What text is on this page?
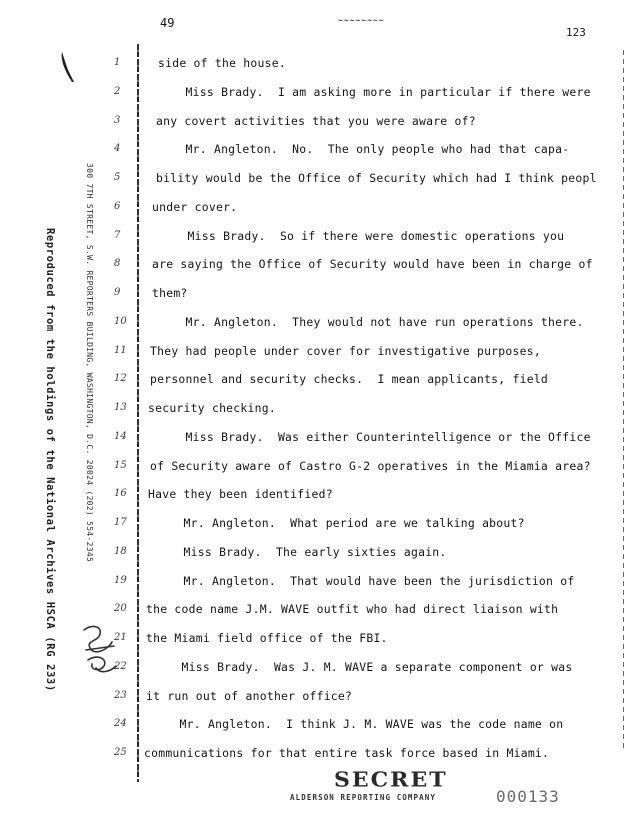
49	~~~~~~~~
123
Reproduced from the holdings of the National Archives HSCA (RG 233)	300 7TH STREET, S.W. REPORTERS BUILDING, WASHINGTON, D.C. 20024 (202) 554-2345
1	side of the house.
2	Miss Brady.  I am asking more in particular if there were
3	any covert activities that you were aware of?
4	Mr. Angleton.  No.  The only people who had that capa-
5	bility would be the Office of Security which had I think peopl
6	under cover.
7	Miss Brady.  So if there were domestic operations you
8	are saying the Office of Security would have been in charge of
9	them?
10	Mr. Angleton.  They would not have run operations there.
11	They had people under cover for investigative purposes,
12	personnel and security checks.  I mean applicants, field
13	security checking.
14	Miss Brady.  Was either Counterintelligence or the Office
15	of Security aware of Castro G-2 operatives in the Miamia area?
16	Have they been identified?
17	Mr. Angleton.  What period are we talking about?
18	Miss Brady.  The early sixties again.
19	Mr. Angleton.  That would have been the jurisdiction of
20	the code name J.M. WAVE outfit who had direct liaison with
21	the Miami field office of the FBI.
22	Miss Brady.  Was J. M. WAVE a separate component or was
23	it run out of another office?
24	Mr. Angleton.  I think J. M. WAVE was the code name on
25	communications for that entire task force based in Miami.
SECRET
ALDERSON REPORTING COMPANY	000133
